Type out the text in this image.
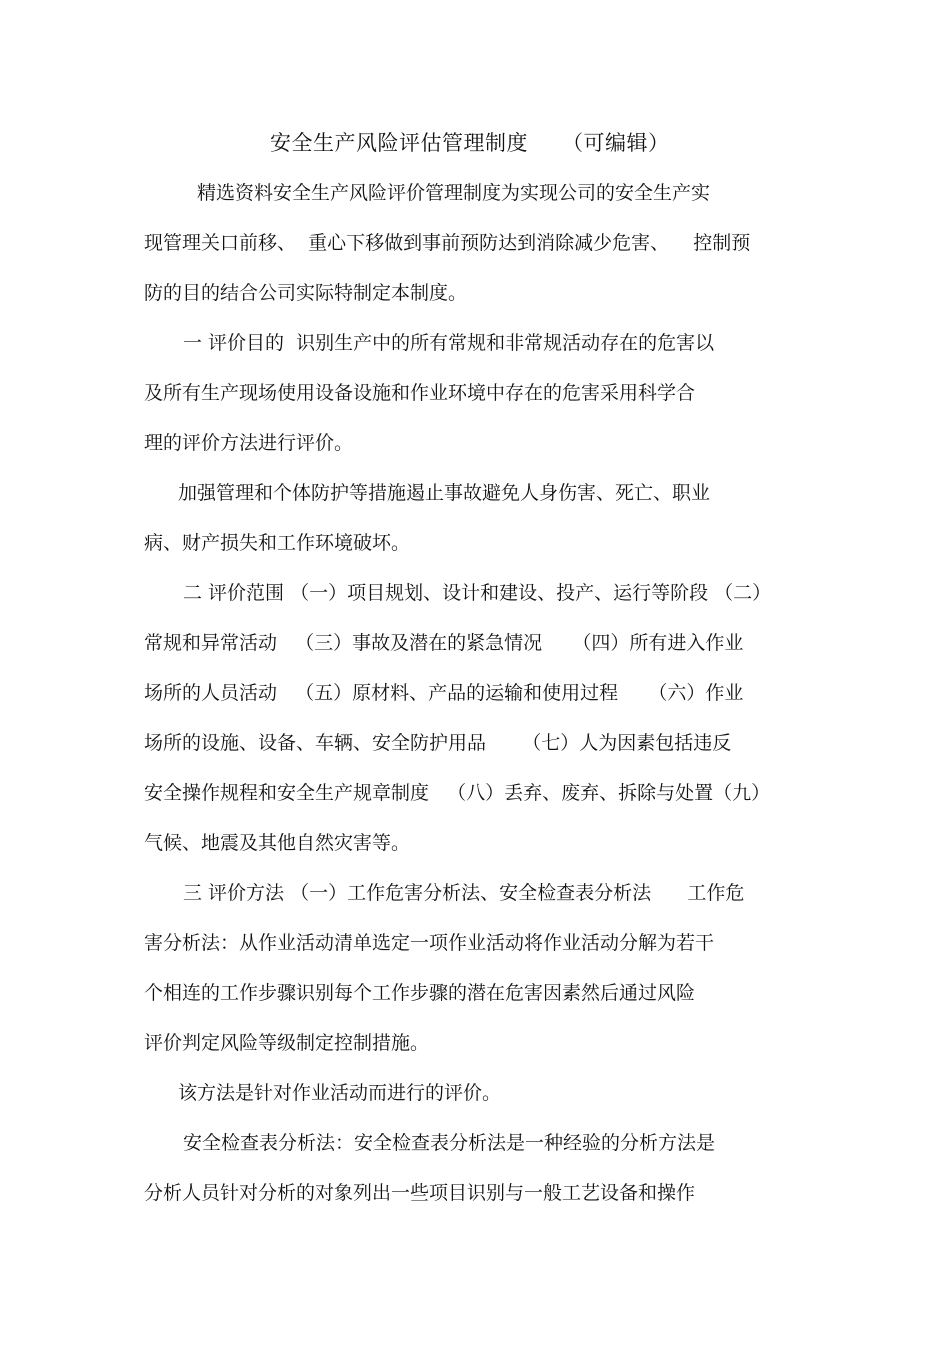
安全生产风险评估管理制度 （可编辑）
精选资料安全生产风险评价管理制度为实现公司的安全生产实
现管理关口前移、  重心下移做到事前预防达到消除减少危害、    控制预
防的目的结合公司实际特制定本制度。
一 评价目的  识别生产中的所有常规和非常规活动存在的危害以
及所有生产现场使用设备设施和作业环境中存在的危害采用科学合
理的评价方法进行评价。
加强管理和个体防护等措施遏止事故避免人身伤害、死亡、职业
病、财产损失和工作环境破坏。
二 评价范围 （一）项目规划、设计和建设、投产、运行等阶段 （二）
常规和异常活动   （三）事故及潜在的紧急情况     （四）所有进入作业
场所的人员活动   （五）原材料、产品的运输和使用过程     （六）作业
场所的设施、设备、车辆、安全防护用品      （七）人为因素包括违反
安全操作规程和安全生产规章制度   （八）丢弃、废弃、拆除与处置（九）
气候、地震及其他自然灾害等。
三 评价方法 （一）工作危害分析法、安全检查表分析法      工作危
害分析法：从作业活动清单选定一项作业活动将作业活动分解为若干
个相连的工作步骤识别每个工作步骤的潜在危害因素然后通过风险
评价判定风险等级制定控制措施。
该方法是针对作业活动而进行的评价。
安全检查表分析法：安全检查表分析法是一种经验的分析方法是
分析人员针对分析的对象列出一些项目识别与一般工艺设备和操作
